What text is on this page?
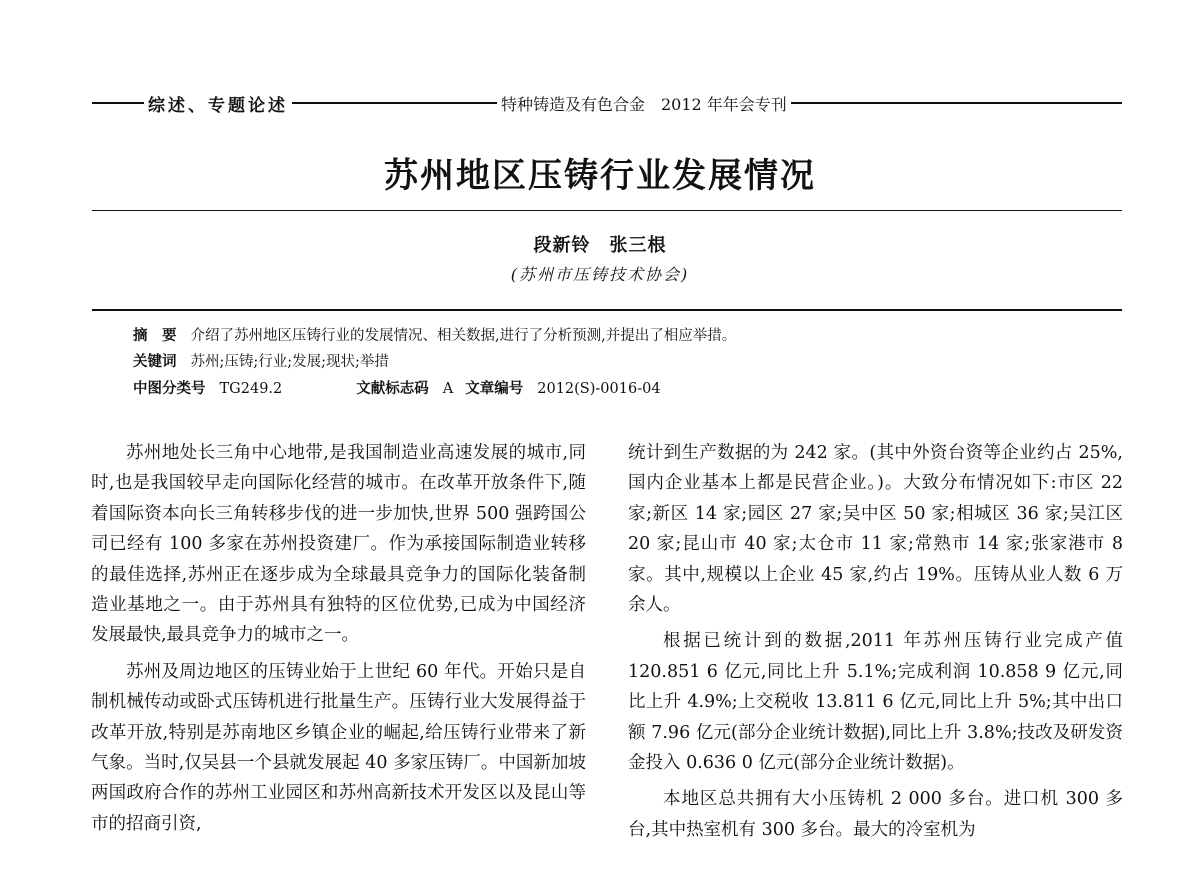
综述、专题论述	特种铸造及有色合金　2012 年年会专刊
苏州地区压铸行业发展情况
段新铃　张三根
(苏州市压铸技术协会)
摘　要 介绍了苏州地区压铸行业的发展情况、相关数据,进行了分析预测,并提出了相应举措。
关键词 苏州;压铸;行业;发展;现状;举措
中图分类号 TG249.2	文献标志码 A 文章编号 2012(S)-0016-04

苏州地处长三角中心地带,是我国制造业高速发展的城市,同时,也是我国较早走向国际化经营的城市。在改革开放条件下,随着国际资本向长三角转移步伐的进一步加快,世界 500 强跨国公司已经有 100 多家在苏州投资建厂。作为承接国际制造业转移的最佳选择,苏州正在逐步成为全球最具竞争力的国际化装备制造业基地之一。由于苏州具有独特的区位优势,已成为中国经济发展最快,最具竞争力的城市之一。

苏州及周边地区的压铸业始于上世纪 60 年代。开始只是自制机械传动或卧式压铸机进行批量生产。压铸行业大发展得益于改革开放,特别是苏南地区乡镇企业的崛起,给压铸行业带来了新气象。当时,仅吴县一个县就发展起 40 多家压铸厂。中国新加坡两国政府合作的苏州工业园区和苏州高新技术开发区以及昆山等市的招商引资,

统计到生产数据的为 242 家。(其中外资台资等企业约占 25%,国内企业基本上都是民营企业。)。大致分布情况如下:市区 22 家;新区 14 家;园区 27 家;吴中区 50 家;相城区 36 家;吴江区 20 家;昆山市 40 家;太仓市 11 家;常熟市 14 家;张家港市 8 家。其中,规模以上企业 45 家,约占 19%。压铸从业人数 6 万余人。

根据已统计到的数据,2011 年苏州压铸行业完成产值 120.851 6 亿元,同比上升 5.1%;完成利润 10.858 9 亿元,同比上升 4.9%;上交税收 13.811 6 亿元,同比上升 5%;其中出口额 7.96 亿元(部分企业统计数据),同比上升 3.8%;技改及研发资金投入 0.636 0 亿元(部分企业统计数据)。

本地区总共拥有大小压铸机 2 000 多台。进口机 300 多台,其中热室机有 300 多台。最大的冷室机为
